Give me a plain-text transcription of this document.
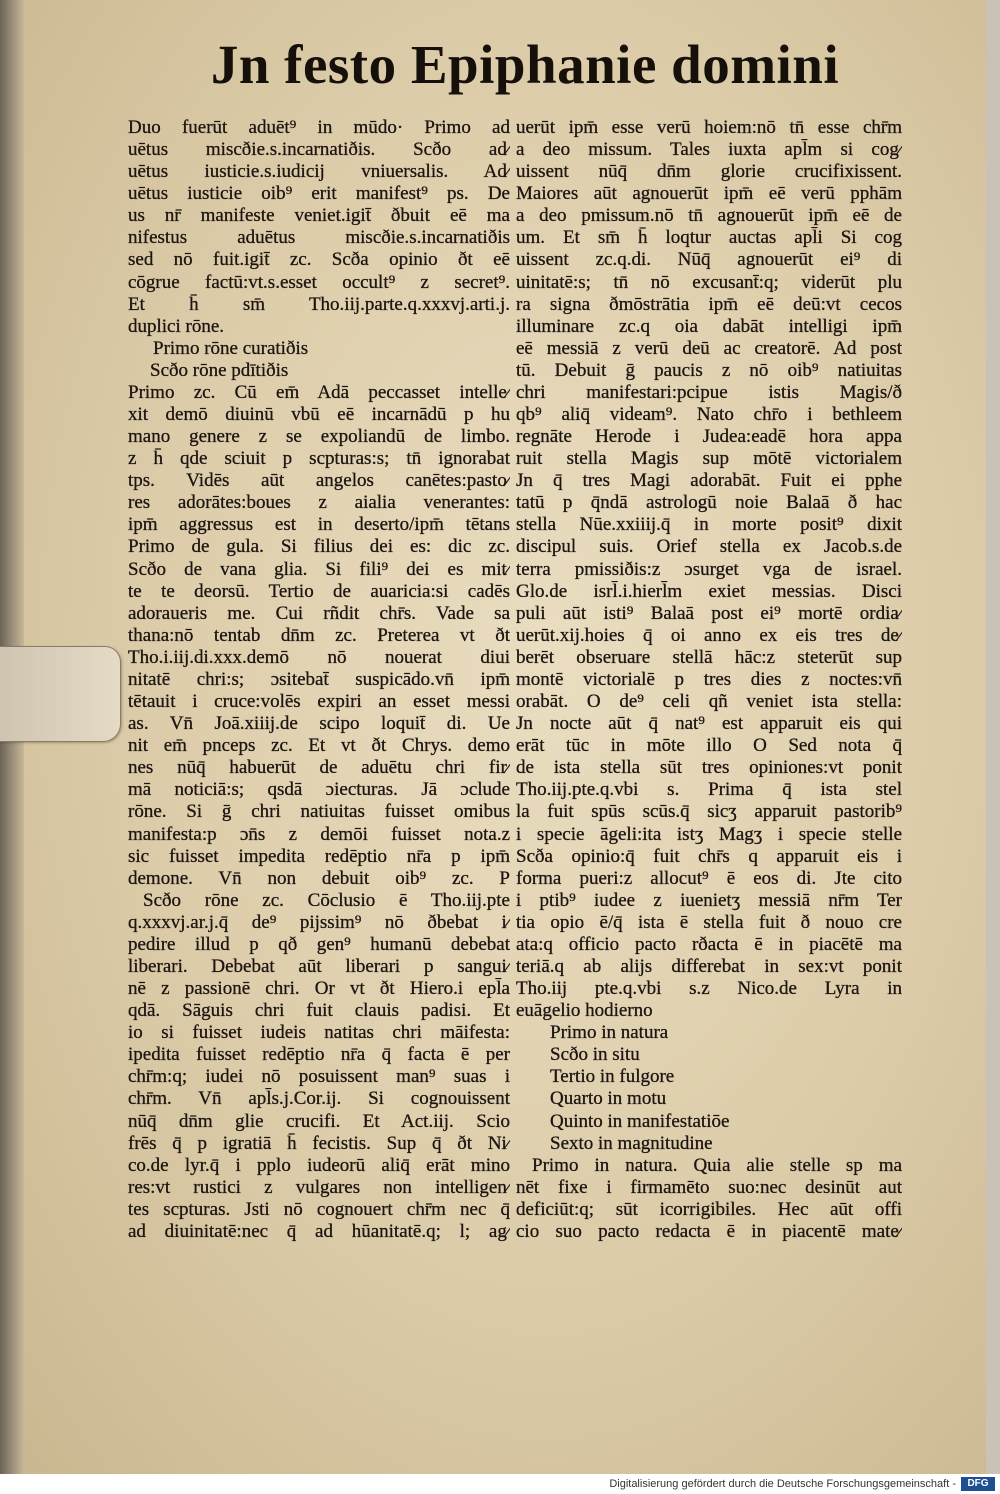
Jn festo Epiphanie domini
Duo fuerūt aduēt⁹ in mūdo· Primo ad
uētus miscðie.s.incarnatiðis. Scðo ad⁄
uētus iusticie.s.iudicij vniuersalis. Ad⁄
uētus iusticie oib⁹ erit manifest⁹ ps. De
us nr̄ manifeste veniet.igit̄ ðbuit eē ma
nifestus aduētus miscðie.s.incarnatiðis
sed nō fuit.igit̄ zc. Scða opinio ðt eē
cōgrue factū:vt.s.esset occult⁹ z secret⁹.
Et h̄ sm̄ Tho.iij.parte.q.xxxvj.arti.j.
duplici rōne.
Primo rōne curatiðis
Scðo rōne pdītiðis
Primo zc. Cū em̄ Adā peccasset intelle⁄
xit demō diuinū vbū eē incarnādū p hu
mano genere z se expoliandū de limbo.
z h̄ qde sciuit p scpturas:s; tn̄ ignorabat
tps. Vidēs aūt angelos canētes:pasto⁄
res adorātes:boues z aialia venerantes:
ipm̄ aggressus est in deserto/ipm̄ tētans
Primo de gula. Si filius dei es: dic zc.
Scðo de vana glia. Si fili⁹ dei es mit⁄
te te deorsū. Tertio de auaricia:si cadēs
adoraueris me. Cui rñdit chr̄s. Vade sa
thana:nō tentab dn̄m zc. Preterea vt ðt
Tho.i.iij.di.xxx.demō nō nouerat diui
nitatē chri:s; ɔsitebat̄ suspicādo.vn̄ ipm̄
tētauit i cruce:volēs expiri an esset messi
as. Vn̄ Joā.xiiij.de scipo loquit̄ di. Ue
nit em̄ pnceps zc. Et vt ðt Chrys. demo
nes nūq̄ habuerūt de aduētu chri fir⁄
mā noticiā:s; qsdā ɔiecturas. Jā ɔclude
rōne. Si ḡ chri natiuitas fuisset omibus
manifesta:p ɔn̄s z demōi fuisset nota.z
sic fuisset impedita redēptio nr̄a p ipm̄
demone. Vn̄ non debuit oib⁹ zc. P
Scðo rōne zc. Cōclusio ē Tho.iij.pte
q.xxxvj.ar.j.q̄ de⁹ pijssim⁹ nō ðbebat i⁄
pedire illud p qð gen⁹ humanū debebat
liberari. Debebat aūt liberari p sangui⁄
nē z passionē chri. Or vt ðt Hiero.i epl̄a
qdā. Sāguis chri fuit clauis padisi. Et
io si fuisset iudeis natitas chri māifesta:
ipedita fuisset redēptio nr̄a q̄ facta ē per
chr̄m:q; iudei nō posuissent man⁹ suas i
chr̄m. Vn̄ apl̄s.j.Cor.ij. Si cognouissent
nūq̄ dn̄m glie crucifi. Et Act.iij. Scio
frēs q̄ p igratiā h̄ fecistis. Sup q̄ ðt Ni⁄
co.de lyr.q̄ i pplo iudeorū aliq̄ erāt mino
res:vt rustici z vulgares non intelligen⁄
tes scpturas. Jsti nō cognouert chr̄m nec q̄
ad diuinitatē:nec q̄ ad hūanitatē.q; l; ag⁄
uerūt ipm̄ esse verū hoiem:nō tn̄ esse chr̄m
a deo missum. Tales iuxta apl̄m si cog⁄
uissent nūq̄ dn̄m glorie crucifixissent.
Maiores aūt agnouerūt ipm̄ eē verū pphām
a deo pmissum.nō tn̄ agnouerūt ipm̄ eē de
um. Et sm̄ h̄ loqtur auctas apl̄i Si cog
uissent zc.q.di. Nūq̄ agnouerūt ei⁹ di
uinitatē:s; tn̄ nō excusant̄:q; viderūt plu
ra signa ðmōstrātia ipm̄ eē deū:vt cecos
illuminare zc.q oia dabāt intelligi ipm̄
eē messiā z verū deū ac creatorē. Ad post
tū. Debuit ḡ paucis z nō oib⁹ natiuitas
chri manifestari:pcipue istis Magis/ð
qb⁹ aliq̄ videam⁹. Nato chr̄o i bethleem
regnāte Herode i Judea:eadē hora appa
ruit stella Magis sup mōtē victorialem
Jn q̄ tres Magi adorabāt. Fuit ei pphe
tatū p q̄ndā astrologū noie Balaā ð hac
stella Nūe.xxiiij.q̄ in morte posit⁹ dixit
discipul suis. Orief stella ex Jacob.s.de
terra pmissiðis:z ɔsurget vga de israel.
Glo.de isrl̄.i.hierl̄m exiet messias. Disci
puli aūt isti⁹ Balaā post ei⁹ mortē ordia⁄
uerūt.xij.hoies q̄ oi anno ex eis tres de⁄
berēt obseruare stellā hāc:z steterūt sup
montē victorialē p tres dies z noctes:vn̄
orabāt. O de⁹ celi qñ veniet ista stella:
Jn nocte aūt q̄ nat⁹ est apparuit eis qui
erāt tūc in mōte illo O Sed nota q̄
de ista stella sūt tres opiniones:vt ponit
Tho.iij.pte.q.vbi s. Prima q̄ ista stel
la fuit spūs scūs.q̄ sicʒ apparuit pastorib⁹
i specie āgeli:ita istʒ Magʒ i specie stelle
Scða opinio:q̄ fuit chr̄s q apparuit eis i
forma pueri:z allocut⁹ ē eos di. Jte cito
i ptib⁹ iudee z iuenietʒ messiā nr̄m Ter
tia opio ē/q̄ ista ē stella fuit ð nouo cre
ata:q officio pacto rðacta ē in piacētē ma
teriā.q ab alijs differebat in sex:vt ponit
Tho.iij pte.q.vbi s.z Nico.de Lyra in
euāgelio hodierno
Primo in natura
Scðo in situ
Tertio in fulgore
Quarto in motu
Quinto in manifestatiōe
Sexto in magnitudine
Primo in natura. Quia alie stelle sp ma
nēt fixe i firmamēto suo:nec desinūt aut
deficiūt:q; sūt icorrigibiles. Hec aūt offi
cio suo pacto redacta ē in piacentē mate⁄
Digitalisierung gefördert durch die Deutsche Forschungsgemeinschaft -	DFG
